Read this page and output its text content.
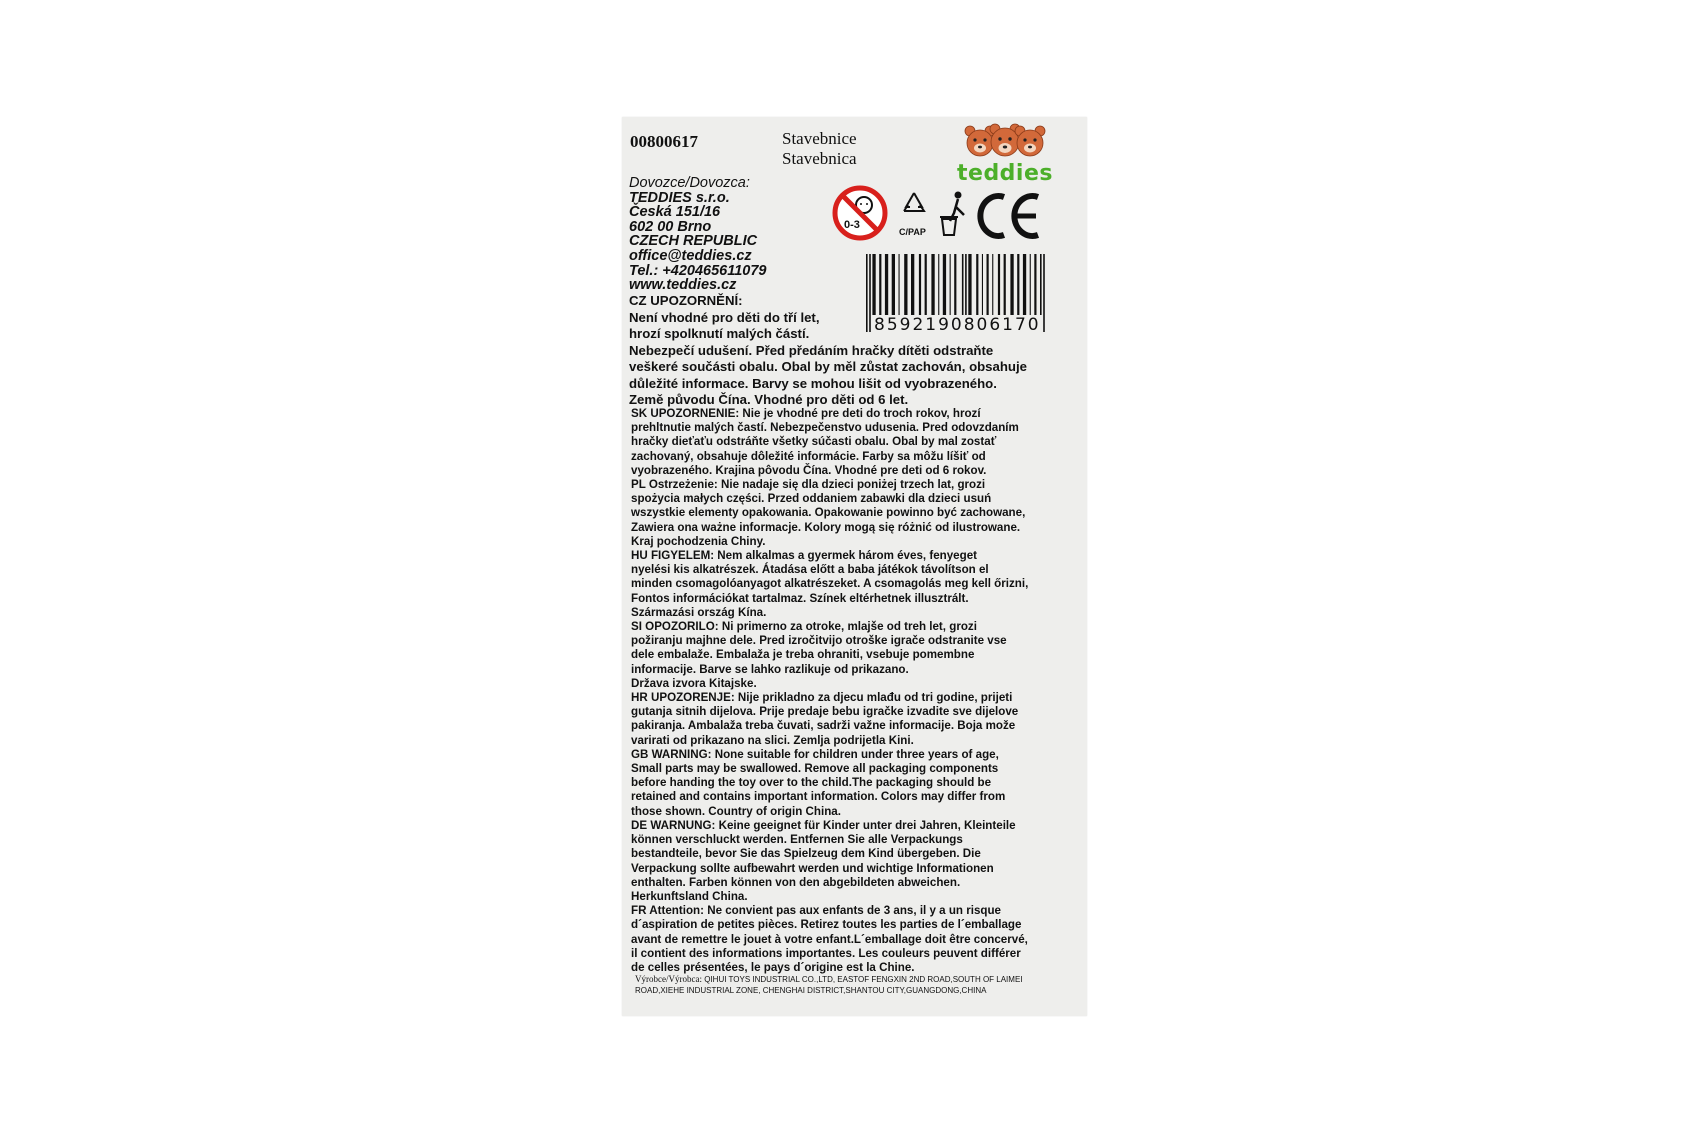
00800617	Stavebnice
Stavebnica
teddies
Dovozce/Dovozca:
TEDDIES s.r.o.
Česká 151/16
602 00 Brno
CZECH REPUBLIC
office@teddies.cz
Tel.: +420465611079
www.teddies.cz
0-3
C/PAP
8592190806170

CZ UPOZORNĚNÍ:

Není vhodné pro děti do tří let,

hrozí spolknutí malých částí.

Nebezpečí udušení. Před předáním hračky dítěti odstraňte

veškeré součásti obalu. Obal by měl zůstat zachován, obsahuje

důležité informace. Barvy se mohou lišit od vyobrazeného.

Země původu Čína. Vhodné pro děti od 6 let.

SK UPOZORNENIE: Nie je vhodné pre deti do troch rokov, hrozí

prehltnutie malých častí. Nebezpečenstvo udusenia. Pred odovzdaním

hračky dieťaťu odstráňte všetky súčasti obalu. Obal by mal zostať

zachovaný, obsahuje dôležité informácie. Farby sa môžu líšiť od

vyobrazeného. Krajina pôvodu Čína. Vhodné pre deti od 6 rokov.

PL Ostrzeżenie: Nie nadaje się dla dzieci poniżej trzech lat, grozi

spożycia małych części. Przed oddaniem zabawki dla dzieci usuń

wszystkie elementy opakowania. Opakowanie powinno być zachowane,

Zawiera ona ważne informacje. Kolory mogą się różnić od ilustrowane.

Kraj pochodzenia Chiny.

HU FIGYELEM: Nem alkalmas a gyermek három éves, fenyeget

nyelési kis alkatrészek. Átadása előtt a baba játékok távolítson el

minden csomagolóanyagot alkatrészeket. A csomagolás meg kell őrizni,

Fontos információkat tartalmaz. Színek eltérhetnek illusztrált.

Származási ország Kína.

SI OPOZORILO: Ni primerno za otroke, mlajše od treh let, grozi

požiranju majhne dele. Pred izročitvijo otroške igrače odstranite vse

dele embalaže. Embalaža je treba ohraniti, vsebuje pomembne

informacije. Barve se lahko razlikuje od prikazano.

Država izvora Kitajske.

HR UPOZORENJE: Nije prikladno za djecu mlađu od tri godine, prijeti

gutanja sitnih dijelova. Prije predaje bebu igračke izvadite sve dijelove

pakiranja. Ambalaža treba čuvati, sadrži važne informacije. Boja može

varirati od prikazano na slici. Zemlja podrijetla Kini.

GB WARNING: None suitable for children under three years of age,

Small parts may be swallowed. Remove all packaging components

before handing the toy over to the child.The packaging should be

retained and contains important information. Colors may differ from

those shown. Country of origin China.

DE WARNUNG: Keine geeignet für Kinder unter drei Jahren, Kleinteile

können verschluckt werden. Entfernen Sie alle Verpackungs

bestandteile, bevor Sie das Spielzeug dem Kind übergeben. Die

Verpackung sollte aufbewahrt werden und wichtige Informationen

enthalten. Farben können von den abgebildeten abweichen.

Herkunftsland China.

FR Attention: Ne convient pas aux enfants de 3 ans, il y a un risque

d´aspiration de petites pièces. Retirez toutes les parties de l´emballage

avant de remettre le jouet à votre enfant.L´emballage doit être concervé,

il contient des informations importantes. Les couleurs peuvent différer

de celles présentées, le pays d´origine est la Chine.

Výrobce/Výrobca: QIHUI TOYS INDUSTRIAL CO.,LTD, EASTOF FENGXIN 2ND ROAD,SOUTH OF LAIMEI
ROAD,XIEHE INDUSTRIAL ZONE, CHENGHAI DISTRICT,SHANTOU CITY,GUANGDONG,CHINA
